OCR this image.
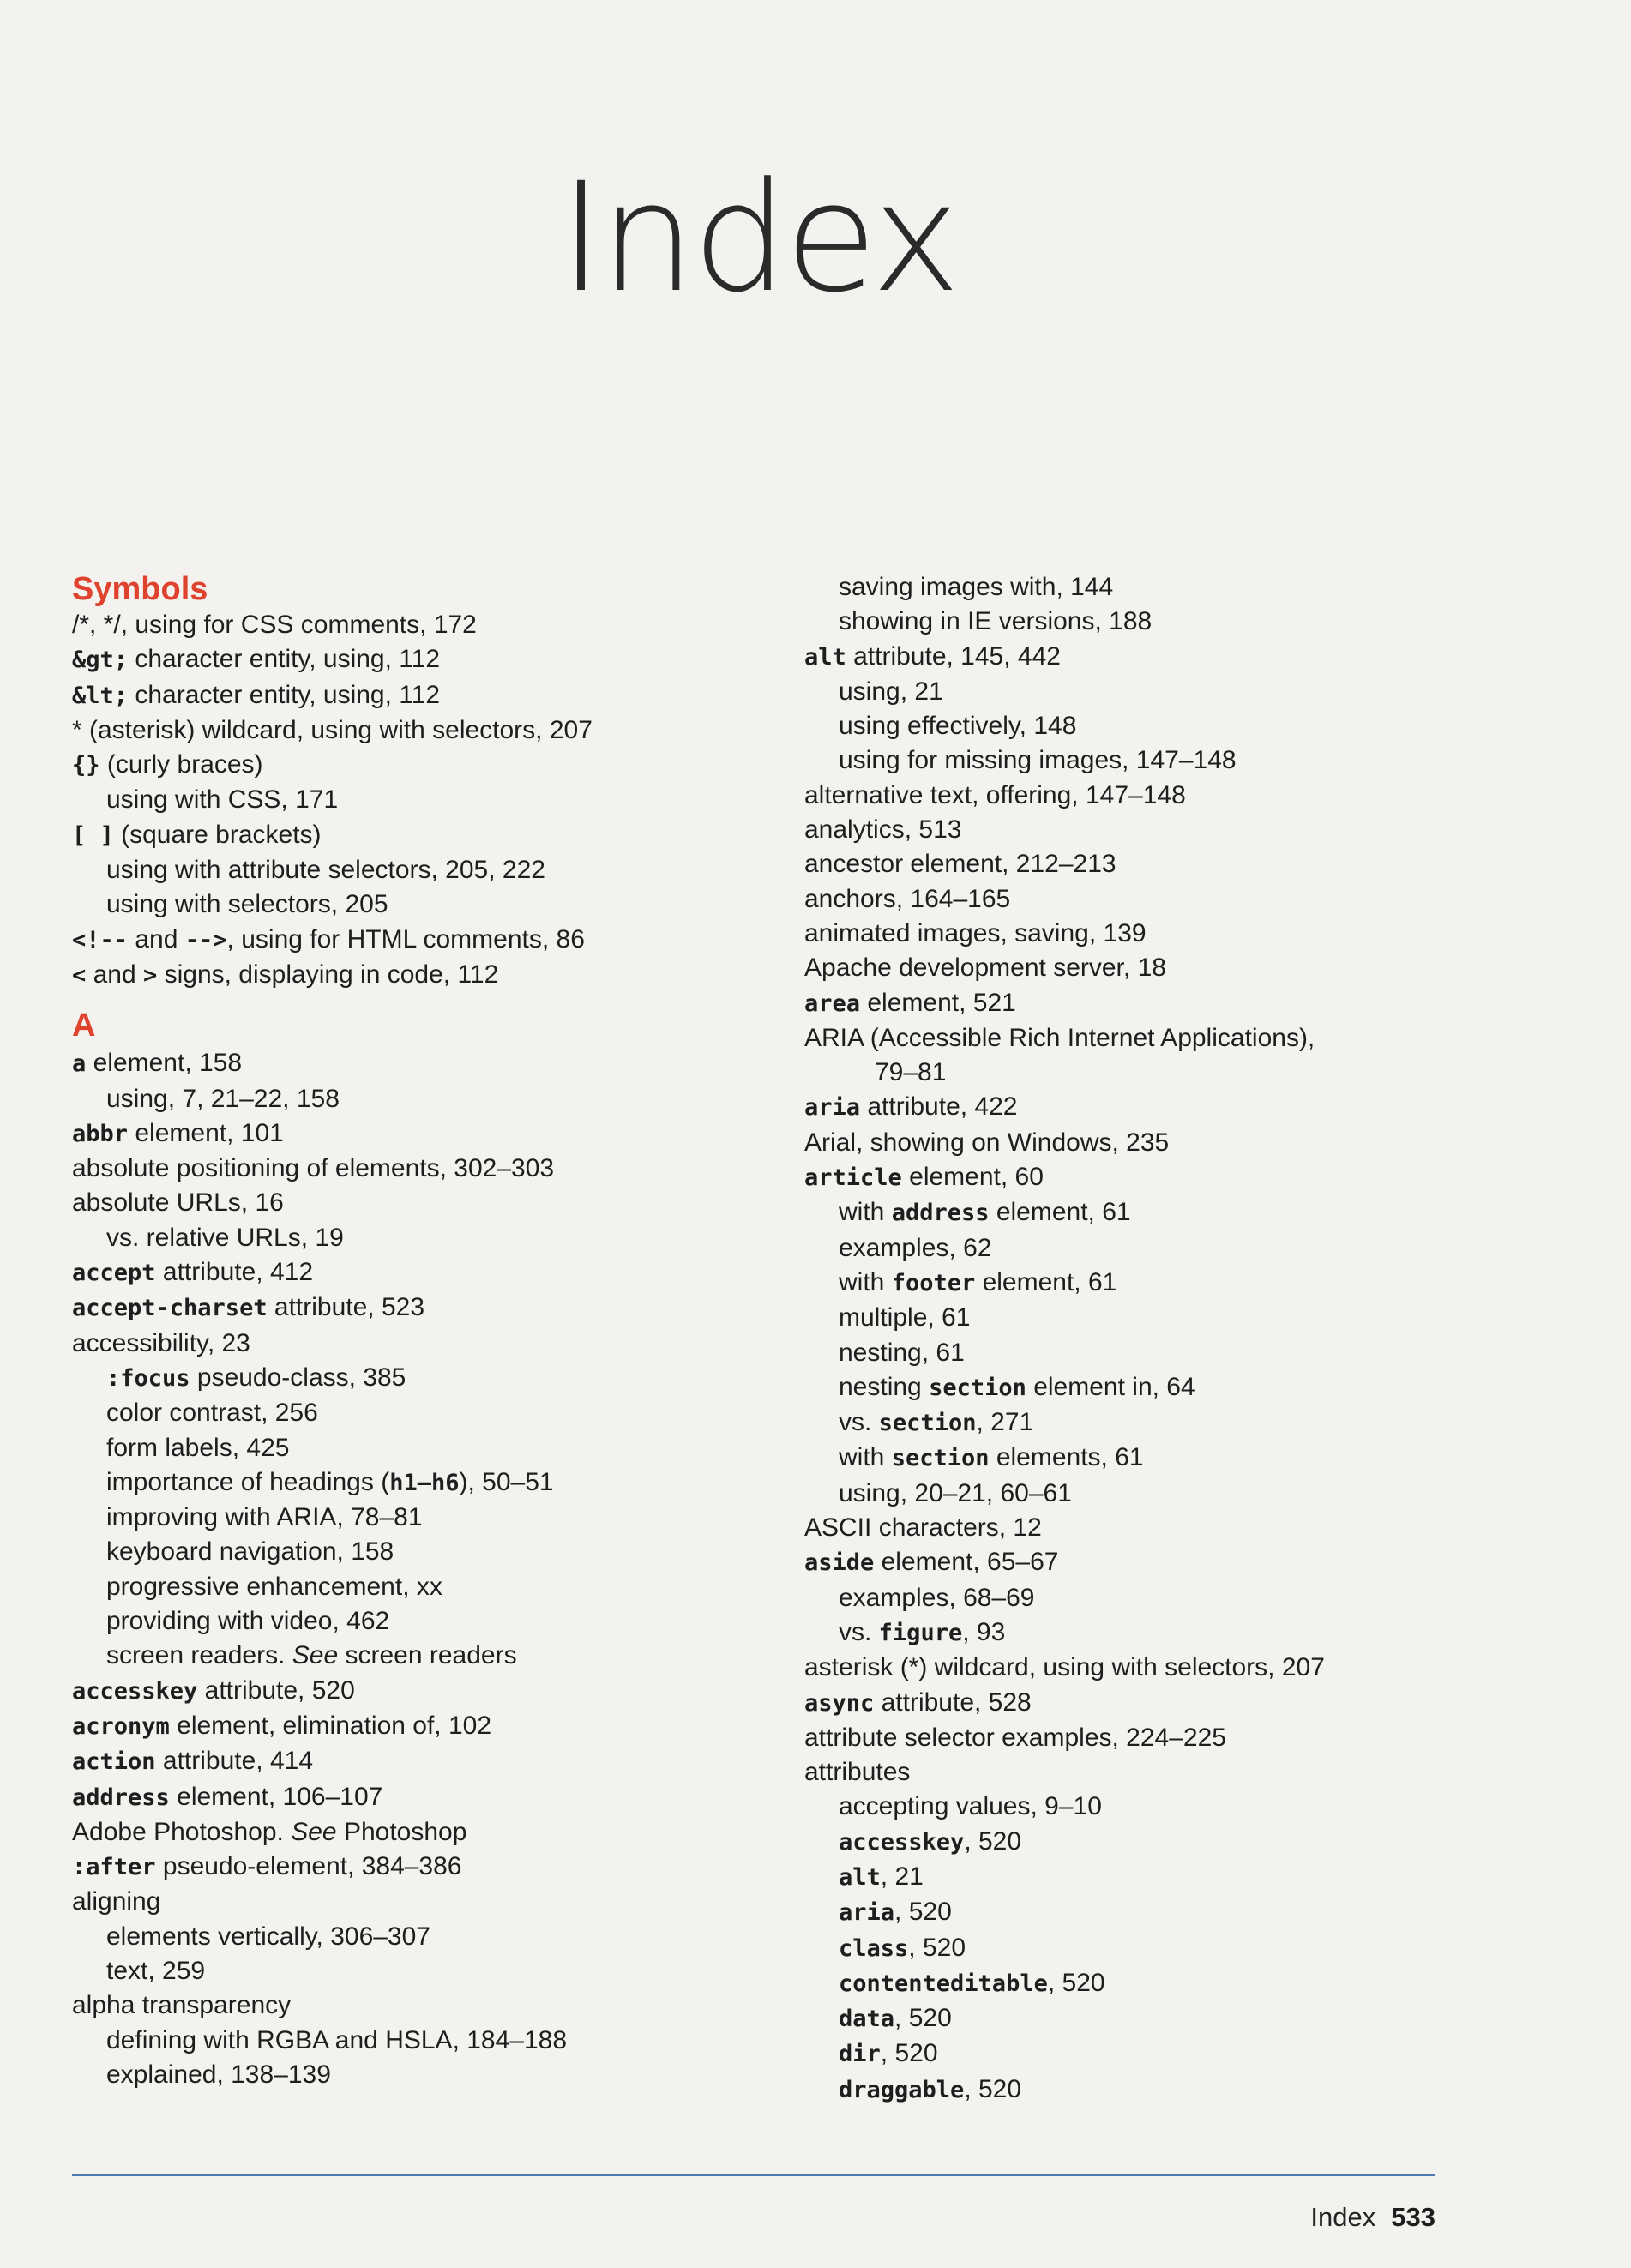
Index
Symbols
/*, */, using for CSS comments, 172
&gt; character entity, using, 112
&lt; character entity, using, 112
* (asterisk) wildcard, using with selectors, 207
{} (curly braces)
using with CSS, 171
[ ] (square brackets)
using with attribute selectors, 205, 222
using with selectors, 205
<!-- and -->, using for HTML comments, 86
< and > signs, displaying in code, 112
A
a element, 158
using, 7, 21–22, 158
abbr element, 101
absolute positioning of elements, 302–303
absolute URLs, 16
vs. relative URLs, 19
accept attribute, 412
accept-charset attribute, 523
accessibility, 23
:focus pseudo-class, 385
color contrast, 256
form labels, 425
importance of headings (h1–h6), 50–51
improving with ARIA, 78–81
keyboard navigation, 158
progressive enhancement, xx
providing with video, 462
screen readers. See screen readers
accesskey attribute, 520
acronym element, elimination of, 102
action attribute, 414
address element, 106–107
Adobe Photoshop. See Photoshop
:after pseudo-element, 384–386
aligning
elements vertically, 306–307
text, 259
alpha transparency
defining with RGBA and HSLA, 184–188
explained, 138–139
saving images with, 144
showing in IE versions, 188
alt attribute, 145, 442
using, 21
using effectively, 148
using for missing images, 147–148
alternative text, offering, 147–148
analytics, 513
ancestor element, 212–213
anchors, 164–165
animated images, saving, 139
Apache development server, 18
area element, 521
ARIA (Accessible Rich Internet Applications),
79–81
aria attribute, 422
Arial, showing on Windows, 235
article element, 60
with address element, 61
examples, 62
with footer element, 61
multiple, 61
nesting, 61
nesting section element in, 64
vs. section, 271
with section elements, 61
using, 20–21, 60–61
ASCII characters, 12
aside element, 65–67
examples, 68–69
vs. figure, 93
asterisk (*) wildcard, using with selectors, 207
async attribute, 528
attribute selector examples, 224–225
attributes
accepting values, 9–10
accesskey, 520
alt, 21
aria, 520
class, 520
contenteditable, 520
data, 520
dir, 520
draggable, 520
Index 533
